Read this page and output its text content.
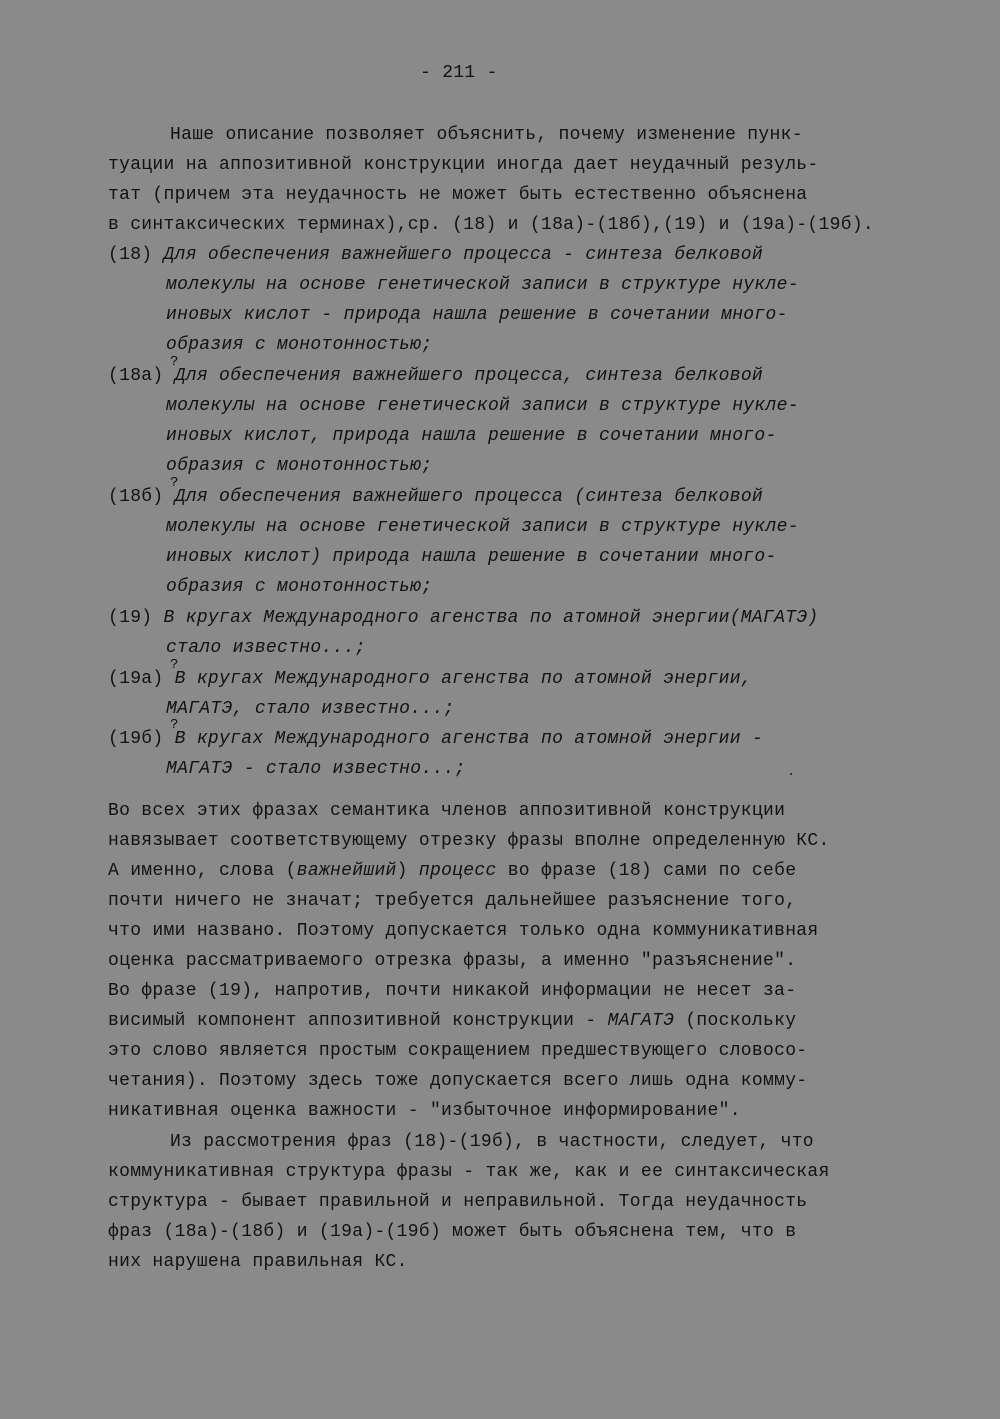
- 211 -
Наше описание позволяет объяснить, почему изменение пунк-
туации на аппозитивной конструкции иногда дает неудачный резуль-
тат (причем эта неудачность не может быть естественно объяснена
в синтаксических терминах),ср. (18) и (18а)-(18б),(19) и (19а)-(19б).
(18) Для обеспечения важнейшего процесса - синтеза белковой
молекулы на основе генетической записи в структуре нукле-
иновых кислот - природа нашла решение в сочетании много-
образия с монотонностью;
(18а) Для обеспечения важнейшего процесса, синтеза белковой
?
молекулы на основе генетической записи в структуре нукле-
иновых кислот, природа нашла решение в сочетании много-
образия с монотонностью;
(18б) Для обеспечения важнейшего процесса (синтеза белковой
?
молекулы на основе генетической записи в структуре нукле-
иновых кислот) природа нашла решение в сочетании много-
образия с монотонностью;
(19) В кругах Международного агенства по атомной энергии(МАГАТЭ)
стало известно...;
(19а) В кругах Международного агенства по атомной энергии,
?
МАГАТЭ, стало известно...;
(19б) В кругах Международного агенства по атомной энергии -
?
МАГАТЭ - стало известно...;
Во всех этих фразах семантика членов аппозитивной конструкции
навязывает соответствующему отрезку фразы вполне определенную КС.
А именно, слова (важнейший) процесс во фразе (18) сами по себе
почти ничего не значат; требуется дальнейшее разъяснение того,
что ими названо. Поэтому допускается только одна коммуникативная
оценка рассматриваемого отрезка фразы, а именно "разъяснение".
Во фразе (19), напротив, почти никакой информации не несет за-
висимый компонент аппозитивной конструкции - МАГАТЭ (поскольку
это слово является простым сокращением предшествующего словосо-
четания). Поэтому здесь тоже допускается всего лишь одна комму-
никативная оценка важности - "избыточное информирование".
Из рассмотрения фраз (18)-(19б), в частности, следует, что
коммуникативная структура фразы - так же, как и ее синтаксическая
структура - бывает правильной и неправильной. Тогда неудачность
фраз (18а)-(18б) и (19а)-(19б) может быть объяснена тем, что в
них нарушена правильная КС.
